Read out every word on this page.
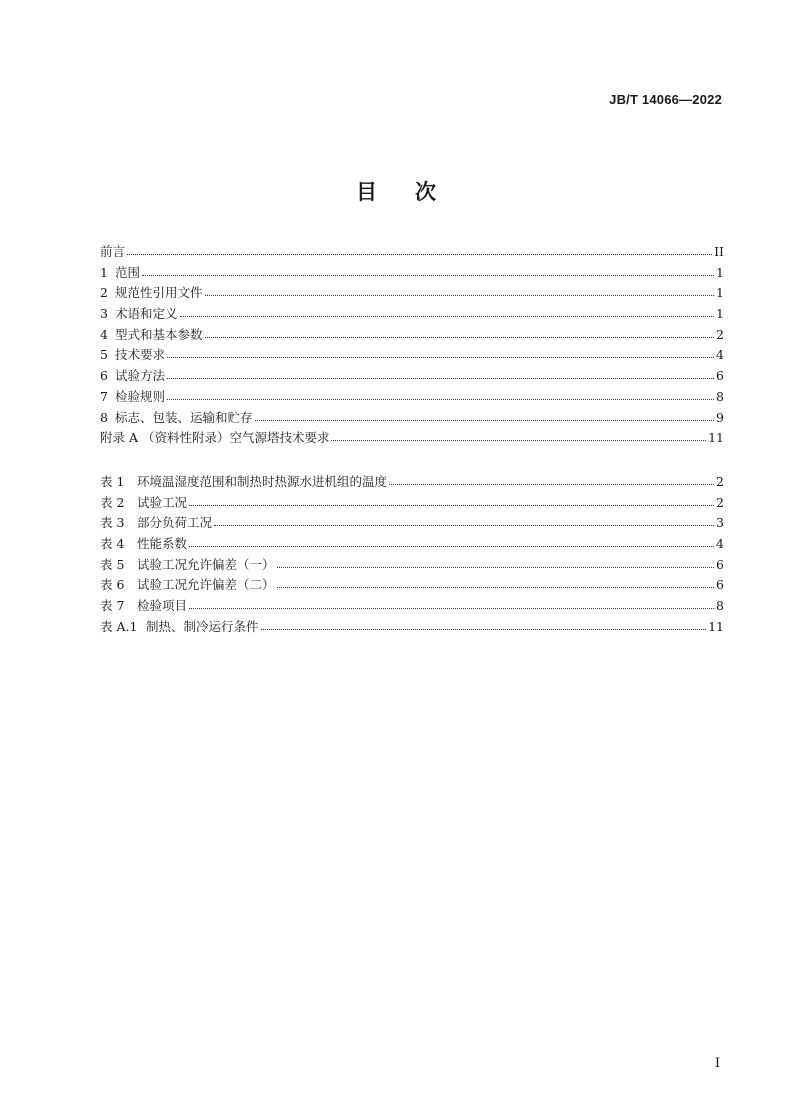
JB/T 14066—2022
目次
前言	II
1 范围	1
2 规范性引用文件	1
3 术语和定义	1
4 型式和基本参数	2
5 技术要求	4
6 试验方法	6
7 检验规则	8
8 标志、包装、运输和贮存	9
附录 A （资料性附录）空气源塔技术要求	11
表 1	环境温湿度范围和制热时热源水进机组的温度	2
表 2	试验工况	2
表 3	部分负荷工况	3
表 4	性能系数	4
表 5	试验工况允许偏差（一）	6
表 6	试验工况允许偏差（二）	6
表 7	检验项目	8
表 A.1 制热、制冷运行条件	11
I
